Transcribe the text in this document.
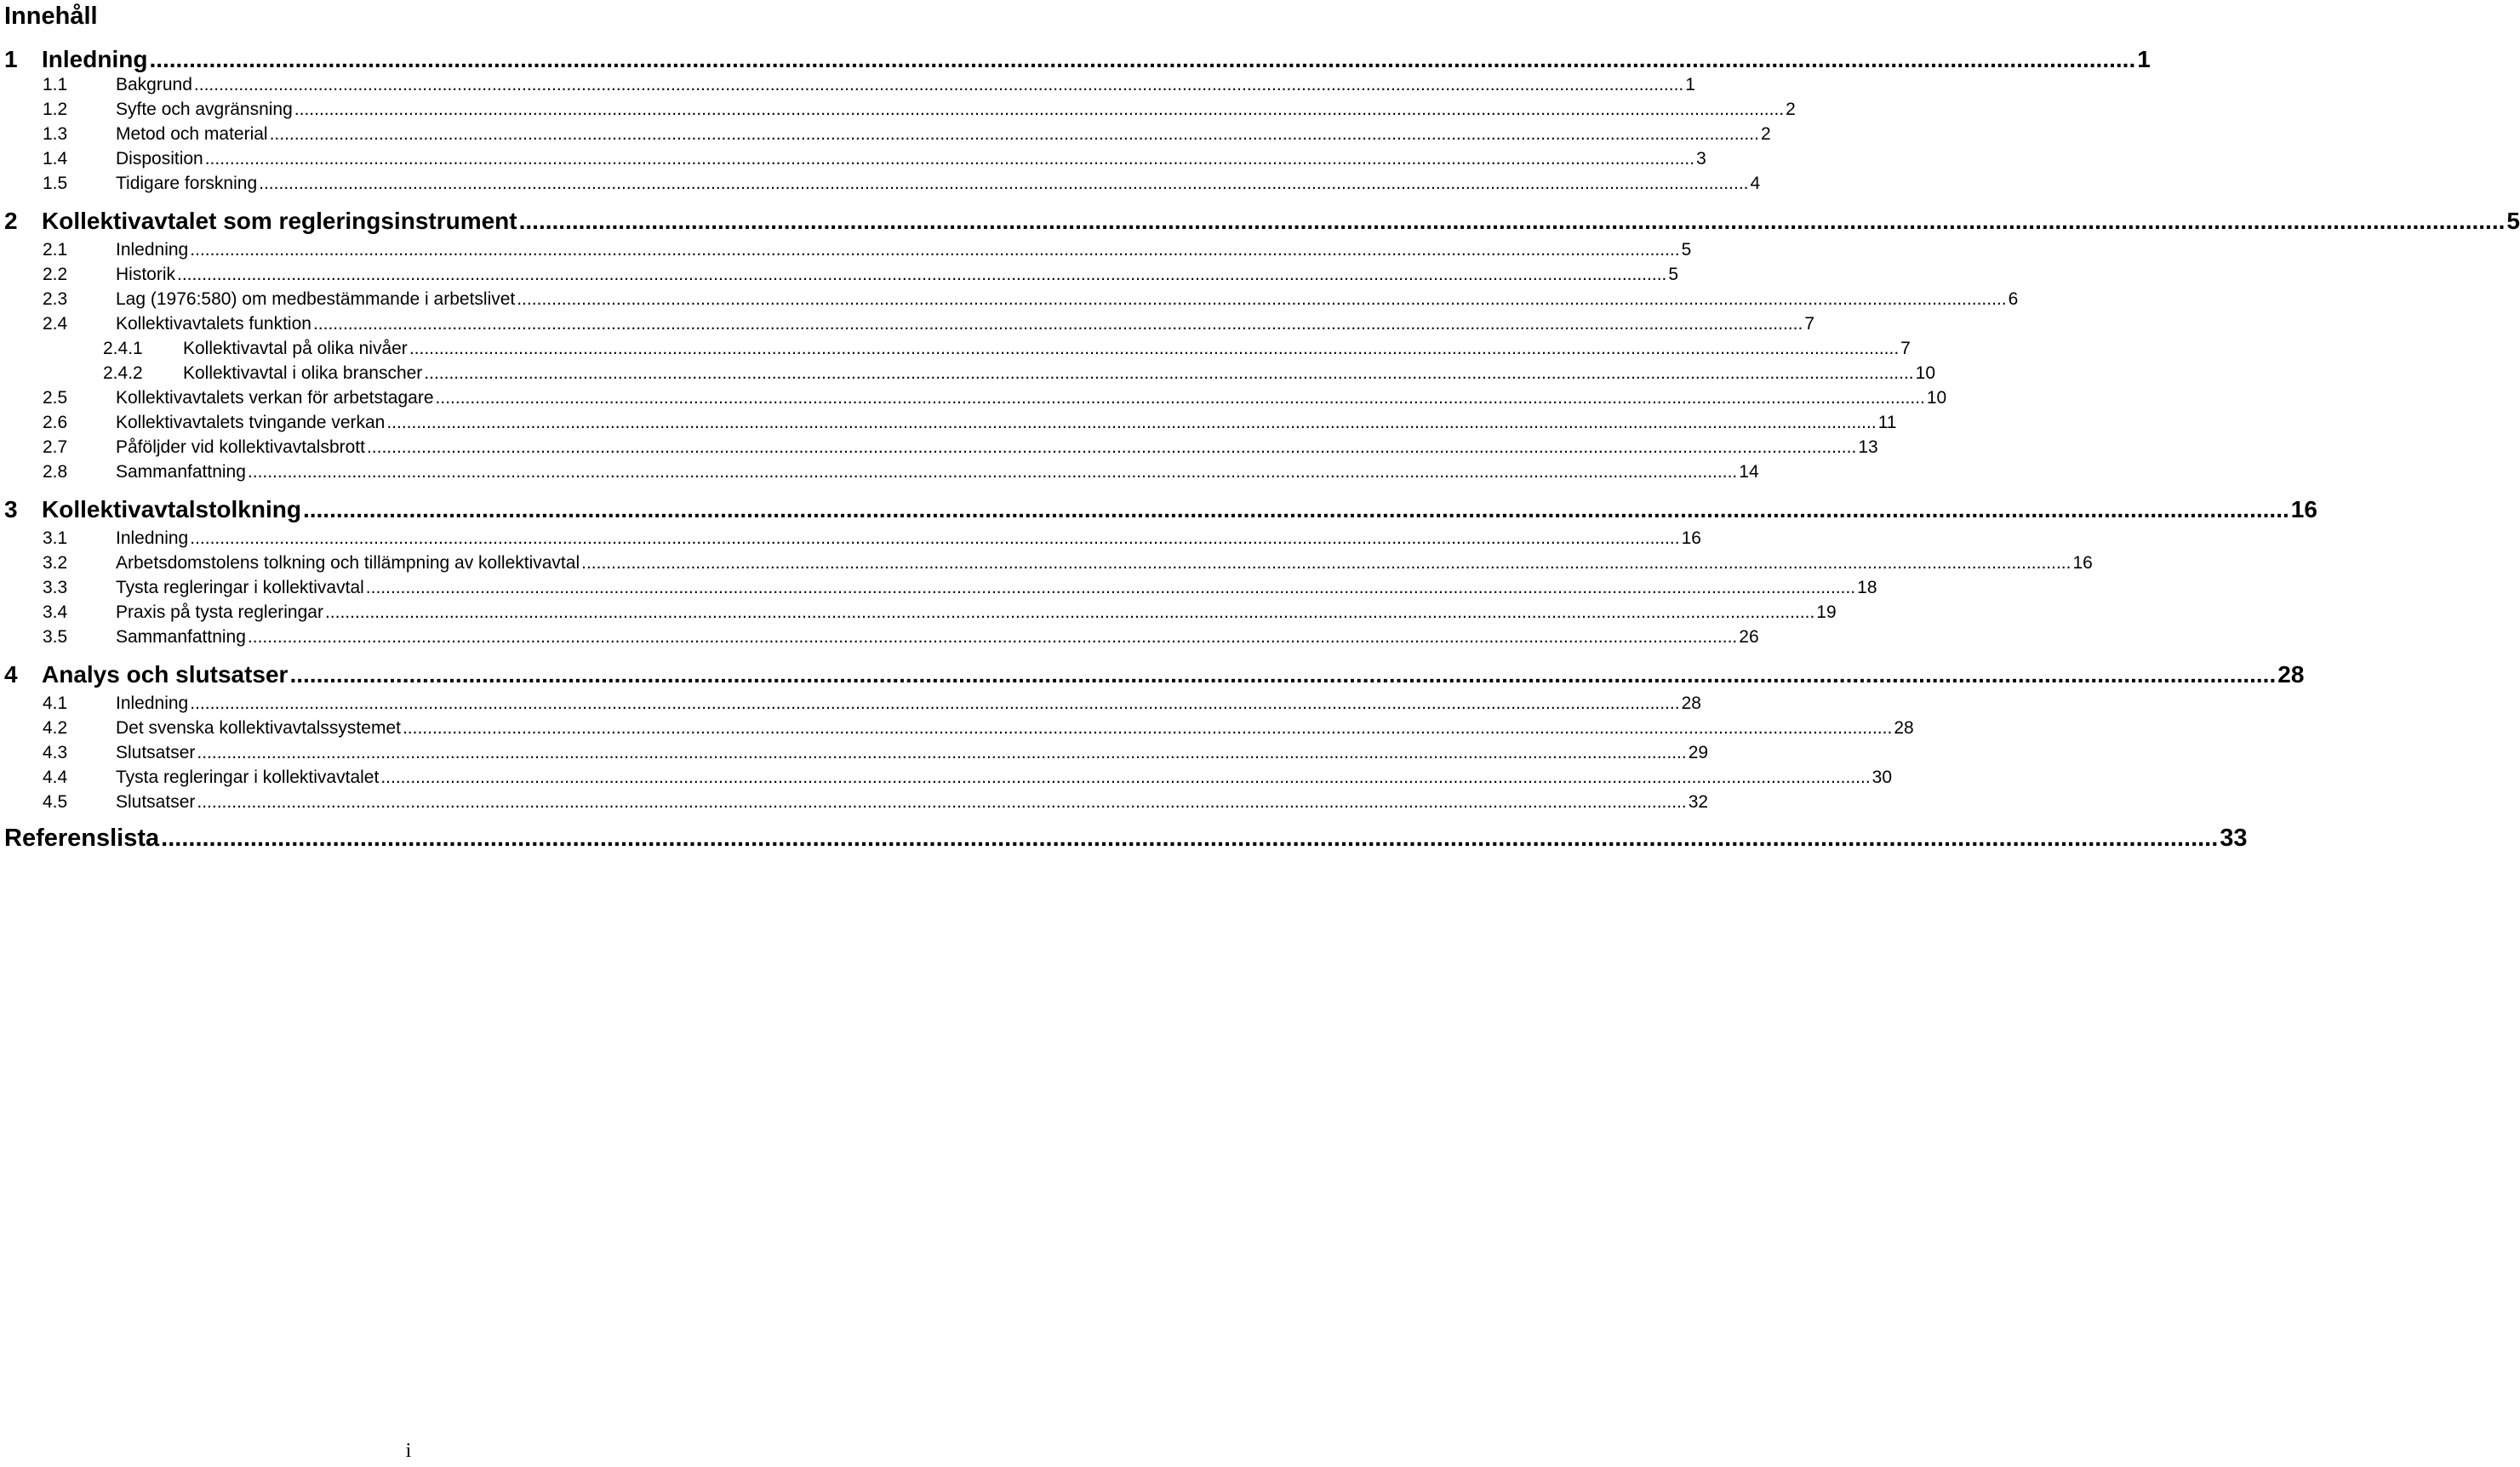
Innehåll
1 Inledning ............................................................................................................................................................................................................................................................................................................ 1
1.1	Bakgrund ............................................................................................................................................................................................................................................................................................................ 1
1.2	Syfte och avgränsning ............................................................................................................................................................................................................................................................................................................ 2
1.3	Metod och material ............................................................................................................................................................................................................................................................................................................ 2
1.4	Disposition ............................................................................................................................................................................................................................................................................................................ 3
1.5	Tidigare forskning ............................................................................................................................................................................................................................................................................................................ 4
2 Kollektivavtalet som regleringsinstrument ............................................................................................................................................................................................................................................................................................................ 5
2.1	Inledning ............................................................................................................................................................................................................................................................................................................ 5
2.2	Historik ............................................................................................................................................................................................................................................................................................................ 5
2.3	Lag (1976:580) om medbestämmande i arbetslivet ............................................................................................................................................................................................................................................................................................................ 6
2.4	Kollektivavtalets funktion ............................................................................................................................................................................................................................................................................................................ 7
2.4.1 Kollektivavtal på olika nivåer ............................................................................................................................................................................................................................................................................................................ 7
2.4.2 Kollektivavtal i olika branscher ............................................................................................................................................................................................................................................................................................................ 10
2.5	Kollektivavtalets verkan för arbetstagare ............................................................................................................................................................................................................................................................................................................ 10
2.6	Kollektivavtalets tvingande verkan ............................................................................................................................................................................................................................................................................................................ 11
2.7	Påföljder vid kollektivavtalsbrott ............................................................................................................................................................................................................................................................................................................ 13
2.8	Sammanfattning ............................................................................................................................................................................................................................................................................................................ 14
3 Kollektivavtalstolkning ............................................................................................................................................................................................................................................................................................................ 16
3.1	Inledning ............................................................................................................................................................................................................................................................................................................ 16
3.2	Arbetsdomstolens tolkning och tillämpning av kollektivavtal ............................................................................................................................................................................................................................................................................................................ 16
3.3	Tysta regleringar i kollektivavtal ............................................................................................................................................................................................................................................................................................................ 18
3.4	Praxis på tysta regleringar ............................................................................................................................................................................................................................................................................................................ 19
3.5	Sammanfattning ............................................................................................................................................................................................................................................................................................................ 26
4 Analys och slutsatser ............................................................................................................................................................................................................................................................................................................ 28
4.1	Inledning ............................................................................................................................................................................................................................................................................................................ 28
4.2	Det svenska kollektivavtalssystemet ............................................................................................................................................................................................................................................................................................................ 28
4.3	Slutsatser ............................................................................................................................................................................................................................................................................................................ 29
4.4	Tysta regleringar i kollektivavtalet ............................................................................................................................................................................................................................................................................................................ 30
4.5	Slutsatser ............................................................................................................................................................................................................................................................................................................ 32
Referenslista ............................................................................................................................................................................................................................................................................................................ 33
i
